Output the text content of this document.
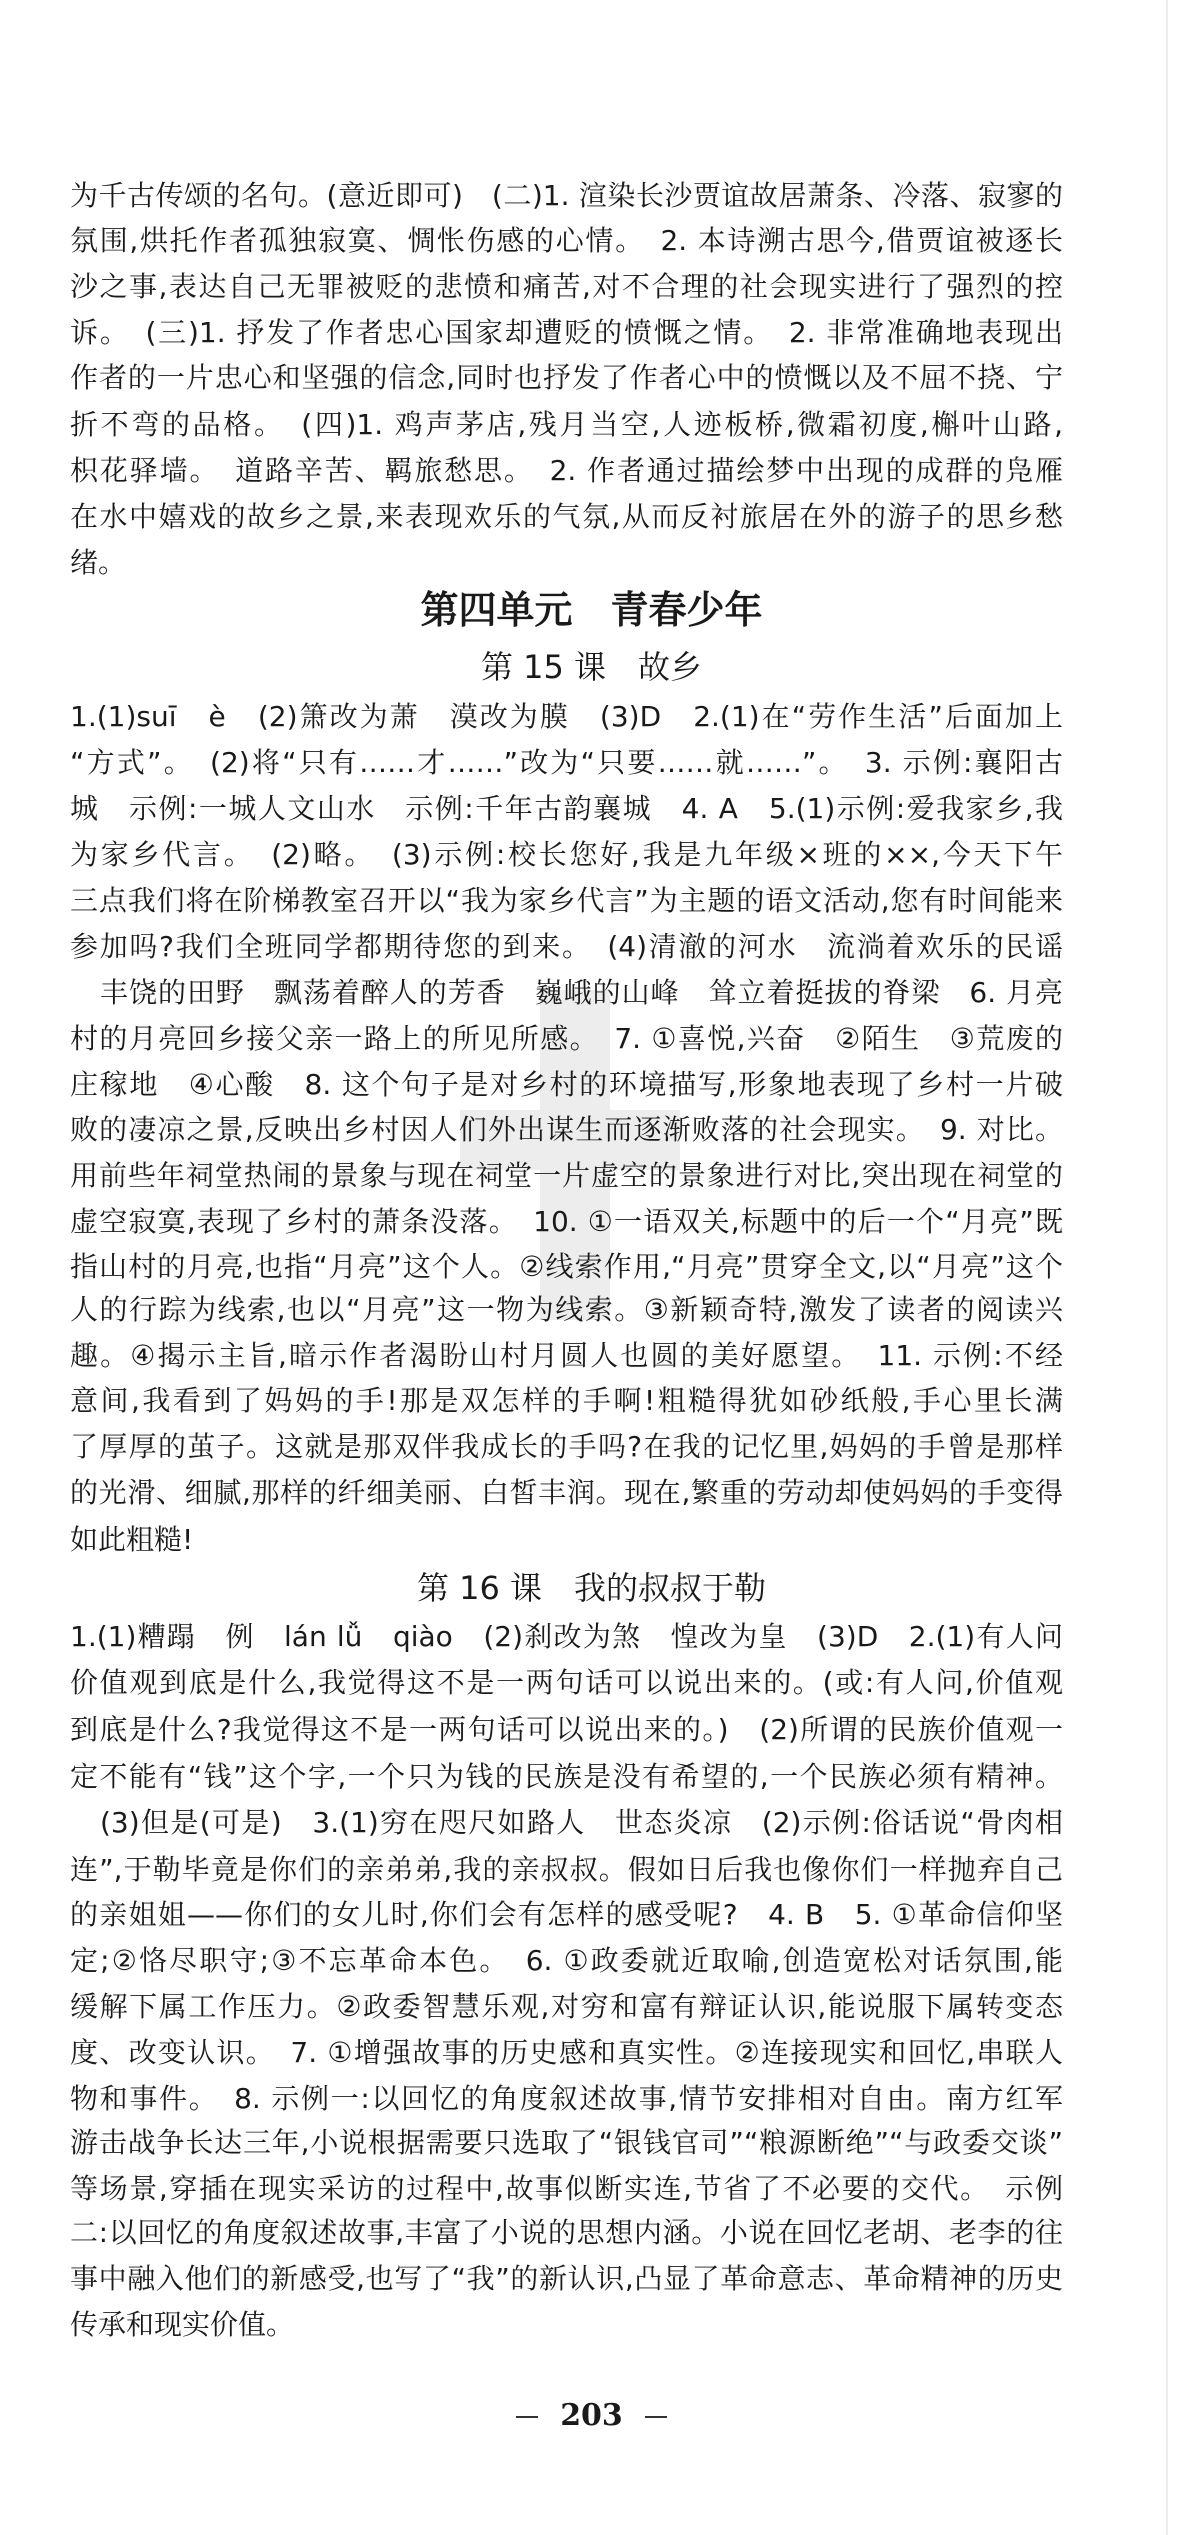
为千古传颂的名句。(意近即可)　(二)1. 渲染长沙贾谊故居萧条、冷落、寂寥的
氛围,烘托作者孤独寂寞、惆怅伤感的心情。　2. 本诗溯古思今,借贾谊被逐长
沙之事,表达自己无罪被贬的悲愤和痛苦,对不合理的社会现实进行了强烈的控
诉。　(三)1. 抒发了作者忠心国家却遭贬的愤慨之情。　2. 非常准确地表现出
作者的一片忠心和坚强的信念,同时也抒发了作者心中的愤慨以及不屈不挠、宁
折不弯的品格。　(四)1. 鸡声茅店,残月当空,人迹板桥,微霜初度,槲叶山路,
枳花驿墙。　道路辛苦、羁旅愁思。　2. 作者通过描绘梦中出现的成群的凫雁
在水中嬉戏的故乡之景,来表现欢乐的气氛,从而反衬旅居在外的游子的思乡愁
绪。
第四单元　青春少年
第 15 课　故乡
1.(1)suī　è　(2)箫改为萧　漠改为膜　(3)D　2.(1)在“劳作生活”后面加上
“方式”。　(2)将“只有……才……”改为“只要……就……”。　3. 示例:襄阳古
城　示例:一城人文山水　示例:千年古韵襄城　4. A　5.(1)示例:爱我家乡,我
为家乡代言。　(2)略。　(3)示例:校长您好,我是九年级×班的××,今天下午
三点我们将在阶梯教室召开以“我为家乡代言”为主题的语文活动,您有时间能来
参加吗?我们全班同学都期待您的到来。　(4)清澈的河水　流淌着欢乐的民谣
丰饶的田野　飘荡着醉人的芳香　巍峨的山峰　耸立着挺拔的脊梁　6. 月亮
村的月亮回乡接父亲一路上的所见所感。　7. ①喜悦,兴奋　②陌生　③荒废的
庄稼地　④心酸　8. 这个句子是对乡村的环境描写,形象地表现了乡村一片破
败的凄凉之景,反映出乡村因人们外出谋生而逐渐败落的社会现实。　9. 对比。
用前些年祠堂热闹的景象与现在祠堂一片虚空的景象进行对比,突出现在祠堂的
虚空寂寞,表现了乡村的萧条没落。　10. ①一语双关,标题中的后一个“月亮”既
指山村的月亮,也指“月亮”这个人。②线索作用,“月亮”贯穿全文,以“月亮”这个
人的行踪为线索,也以“月亮”这一物为线索。③新颖奇特,激发了读者的阅读兴
趣。④揭示主旨,暗示作者渴盼山村月圆人也圆的美好愿望。　11. 示例:不经
意间,我看到了妈妈的手!那是双怎样的手啊!粗糙得犹如砂纸般,手心里长满
了厚厚的茧子。这就是那双伴我成长的手吗?在我的记忆里,妈妈的手曾是那样
的光滑、细腻,那样的纤细美丽、白皙丰润。现在,繁重的劳动却使妈妈的手变得
如此粗糙!
第 16 课　我的叔叔于勒
1.(1)糟蹋　例　lán lǚ　qiào　(2)刹改为煞　惶改为皇　(3)D　2.(1)有人问
价值观到底是什么,我觉得这不是一两句话可以说出来的。(或:有人问,价值观
到底是什么?我觉得这不是一两句话可以说出来的。)　(2)所谓的民族价值观一
定不能有“钱”这个字,一个只为钱的民族是没有希望的,一个民族必须有精神。
(3)但是(可是)　3.(1)穷在咫尺如路人　世态炎凉　(2)示例:俗话说“骨肉相
连”,于勒毕竟是你们的亲弟弟,我的亲叔叔。假如日后我也像你们一样抛弃自己
的亲姐姐——你们的女儿时,你们会有怎样的感受呢?　4. B　5. ①革命信仰坚
定;②恪尽职守;③不忘革命本色。　6. ①政委就近取喻,创造宽松对话氛围,能
缓解下属工作压力。②政委智慧乐观,对穷和富有辩证认识,能说服下属转变态
度、改变认识。　7. ①增强故事的历史感和真实性。②连接现实和回忆,串联人
物和事件。　8. 示例一:以回忆的角度叙述故事,情节安排相对自由。南方红军
游击战争长达三年,小说根据需要只选取了“银钱官司”“粮源断绝”“与政委交谈”
等场景,穿插在现实采访的过程中,故事似断实连,节省了不必要的交代。　示例
二:以回忆的角度叙述故事,丰富了小说的思想内涵。小说在回忆老胡、老李的往
事中融入他们的新感受,也写了“我”的新认识,凸显了革命意志、革命精神的历史
传承和现实价值。
203
